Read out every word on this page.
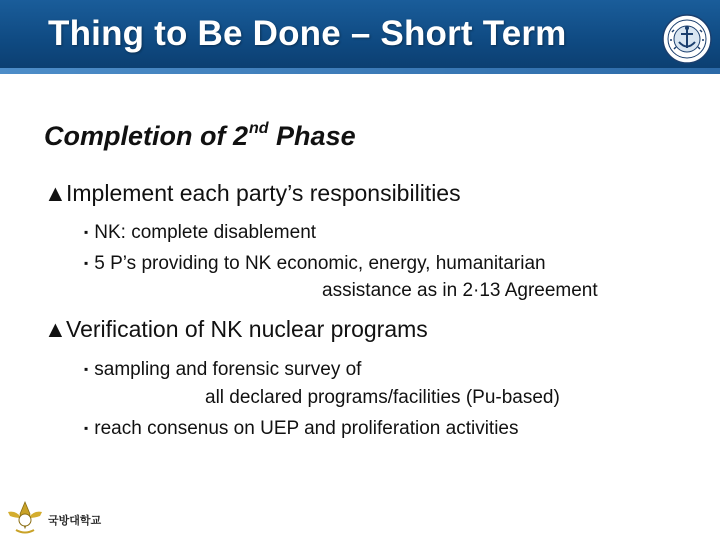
Thing to Be Done – Short Term
Completion of 2nd Phase
▲Implement each party’s responsibilities
▪ NK: complete disablement
▪ 5 P’s providing to NK economic, energy, humanitarian
assistance as in 2·13 Agreement
▲Verification of NK nuclear programs
▪ sampling and forensic survey of
all declared programs/facilities (Pu-based)
▪ reach consenus on UEP and proliferation activities
국방대학교
